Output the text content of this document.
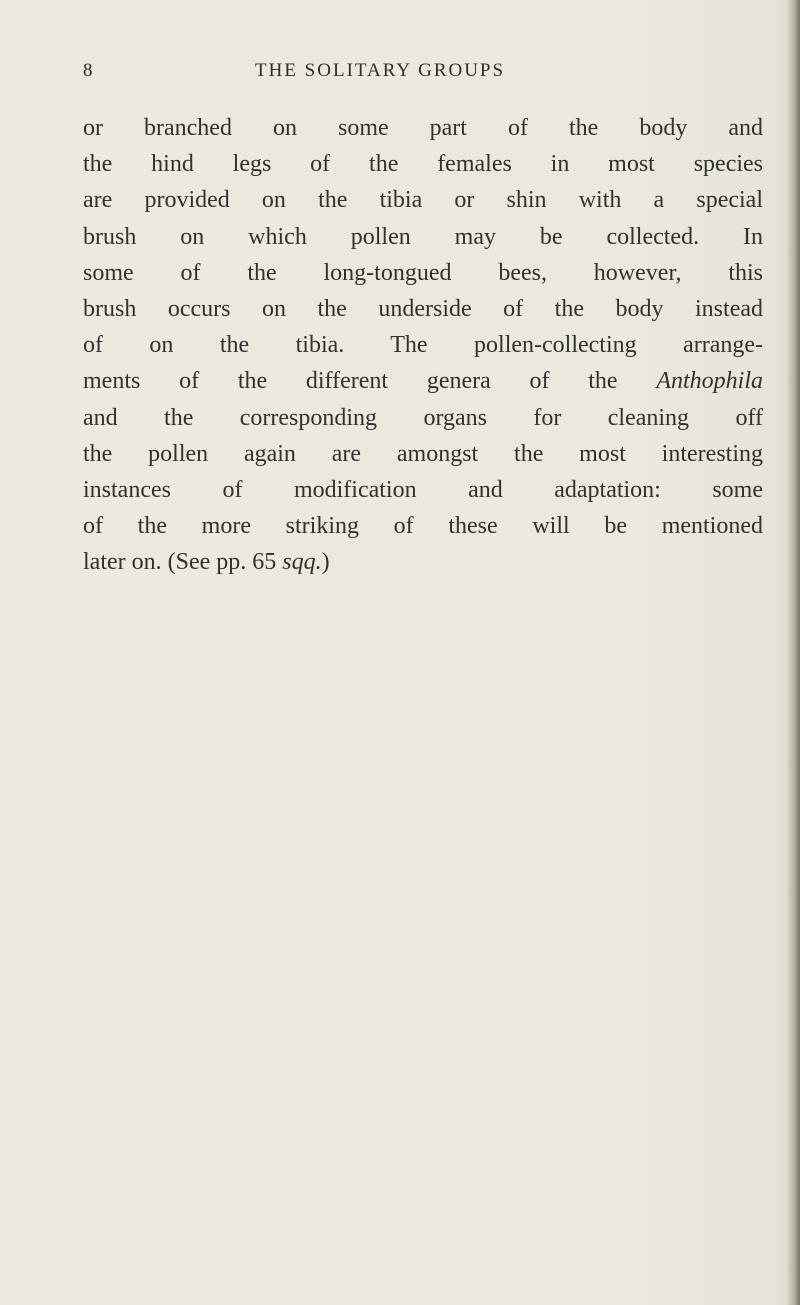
8	THE SOLITARY GROUPS
or branched on some part of the body and
the hind legs of the females in most species
are provided on the tibia or shin with a special
brush on which pollen may be collected. In
some of the long-tongued bees, however, this
brush occurs on the underside of the body instead
of on the tibia. The pollen-collecting arrange-
ments of the different genera of the Anthophila
and the corresponding organs for cleaning off
the pollen again are amongst the most interesting
instances of modification and adaptation: some
of the more striking of these will be mentioned
later on. (See pp. 65 sqq.)
